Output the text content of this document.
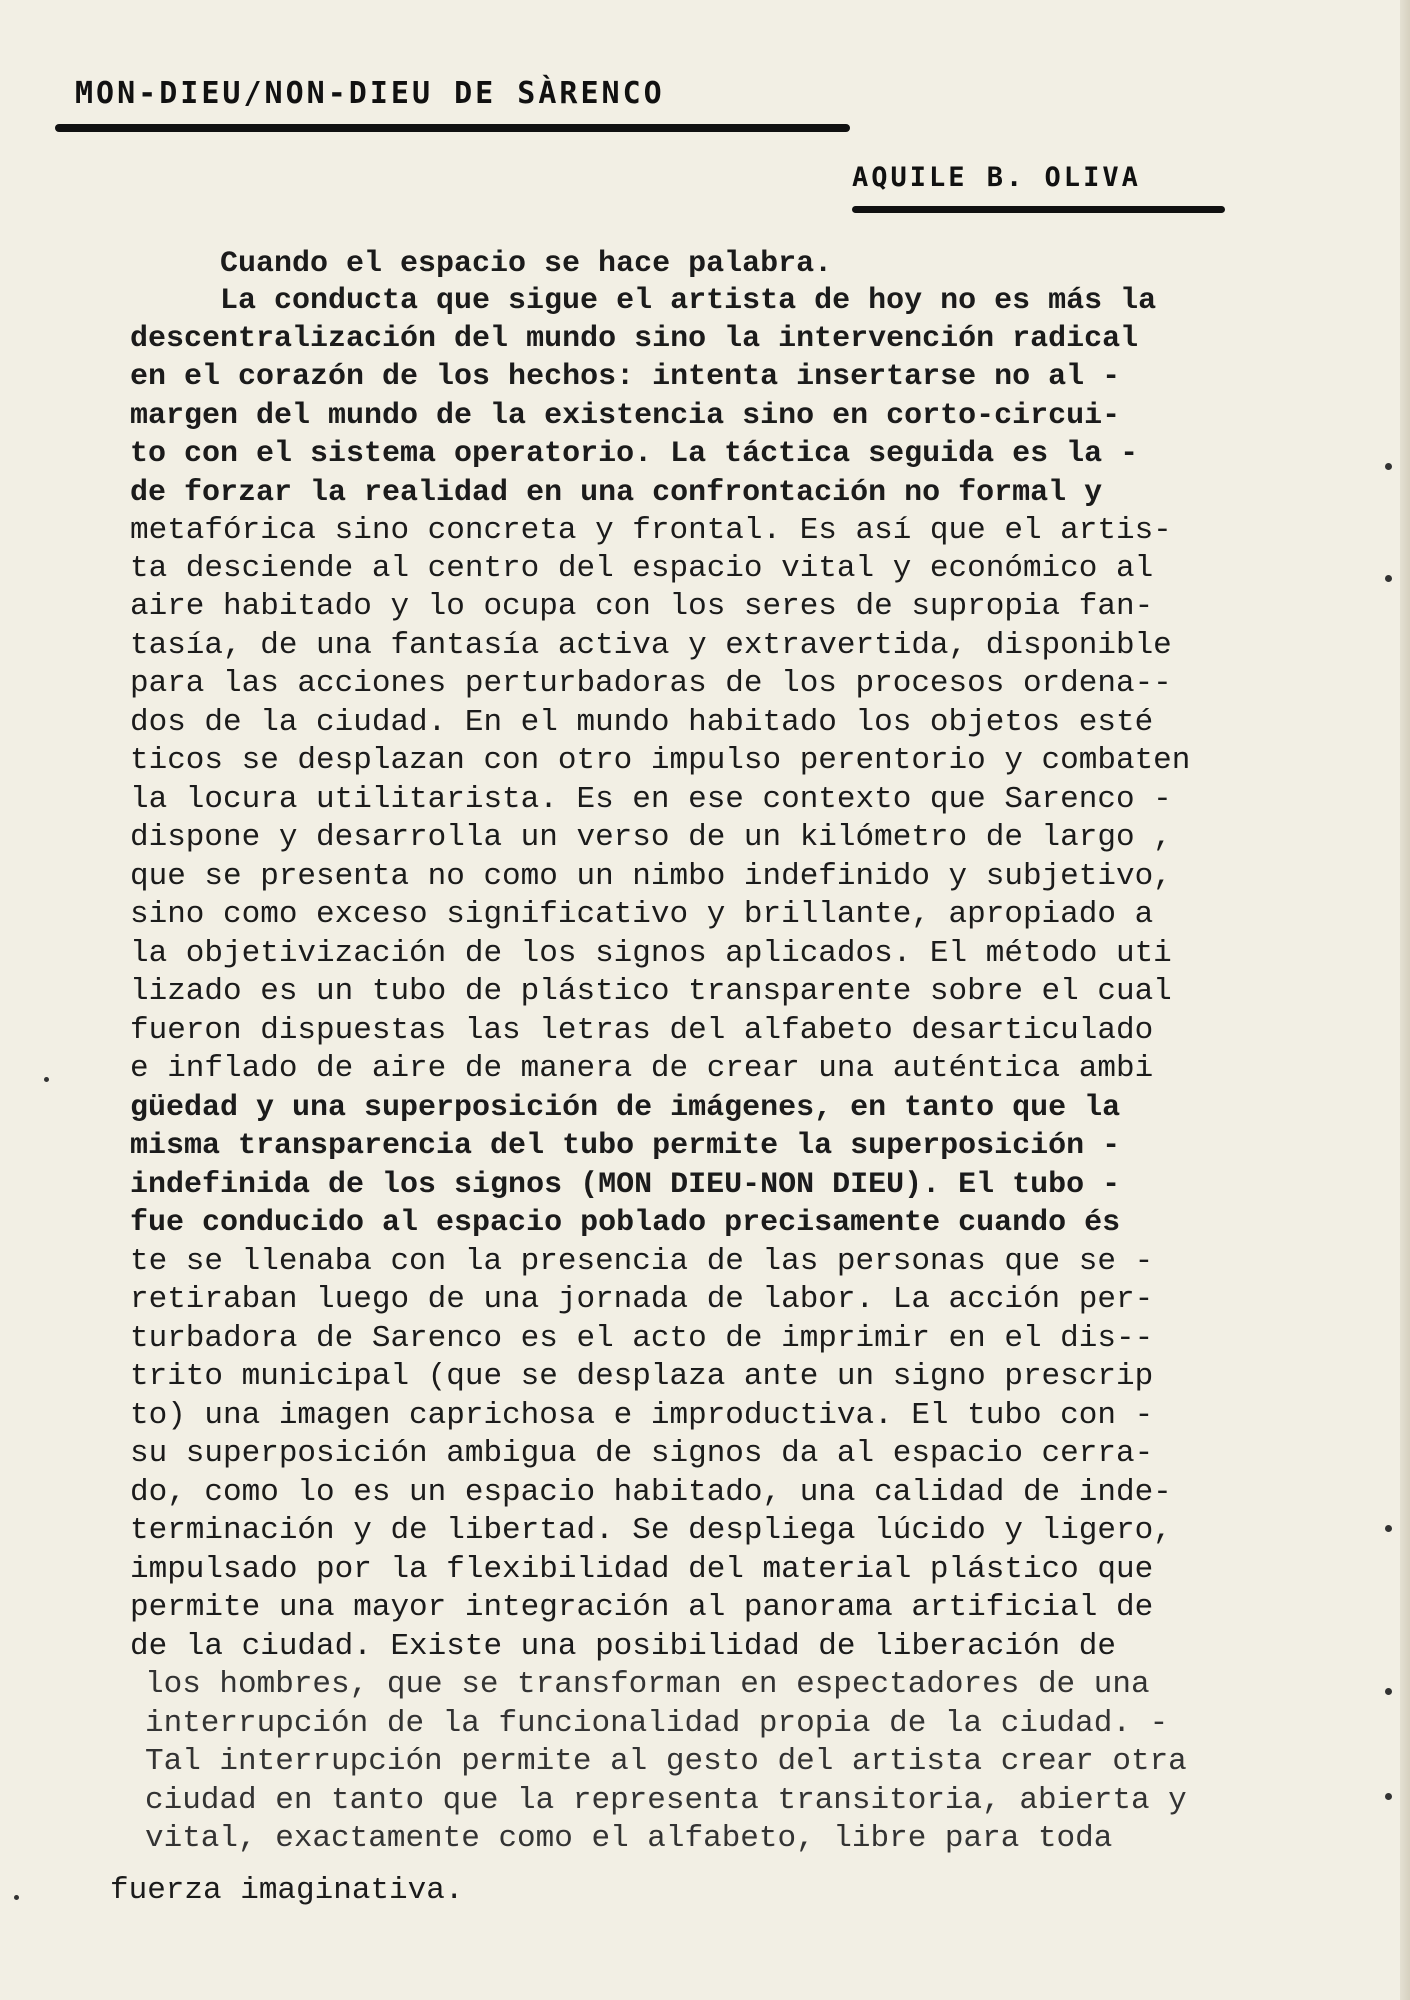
MON-DIEU/NON-DIEU DE SÀRENCO
AQUILE B. OLIVA
Cuando el espacio se hace palabra.
La conducta que sigue el artista de hoy no es más la
descentralización del mundo sino la intervención radical
en el corazón de los hechos: intenta insertarse no al -
margen del mundo de la existencia sino en corto-circui-
to con el sistema operatorio. La táctica seguida es la -
de forzar la realidad en una confrontación no formal y
metafórica sino concreta y frontal. Es así que el artis-
ta desciende al centro del espacio vital y económico al
aire habitado y lo ocupa con los seres de supropia fan-
tasía, de una fantasía activa y extravertida, disponible
para las acciones perturbadoras de los procesos ordena--
dos de la ciudad. En el mundo habitado los objetos esté
ticos se desplazan con otro impulso perentorio y combaten
la locura utilitarista. Es en ese contexto que Sarenco -
dispone y desarrolla un verso de un kilómetro de largo ,
que se presenta no como un nimbo indefinido y subjetivo,
sino como exceso significativo y brillante, apropiado a
la objetivización de los signos aplicados. El método uti
lizado es un tubo de plástico transparente sobre el cual
fueron dispuestas las letras del alfabeto desarticulado
e inflado de aire de manera de crear una auténtica ambi
güedad y una superposición de imágenes, en tanto que la
misma transparencia del tubo permite la superposición -
indefinida de los signos (MON DIEU-NON DIEU). El tubo -
fue conducido al espacio poblado precisamente cuando és
te se llenaba con la presencia de las personas que se -
retiraban luego de una jornada de labor. La acción per-
turbadora de Sarenco es el acto de imprimir en el dis--
trito municipal (que se desplaza ante un signo prescrip
to) una imagen caprichosa e improductiva. El tubo con -
su superposición ambigua de signos da al espacio cerra-
do, como lo es un espacio habitado, una calidad de inde-
terminación y de libertad. Se despliega lúcido y ligero,
impulsado por la flexibilidad del material plástico que
permite una mayor integración al panorama artificial de
de la ciudad. Existe una posibilidad de liberación de
los hombres, que se transforman en espectadores de una
interrupción de la funcionalidad propia de la ciudad. -
Tal interrupción permite al gesto del artista crear otra
ciudad en tanto que la representa transitoria, abierta y
vital, exactamente como el alfabeto, libre para toda
fuerza imaginativa.
